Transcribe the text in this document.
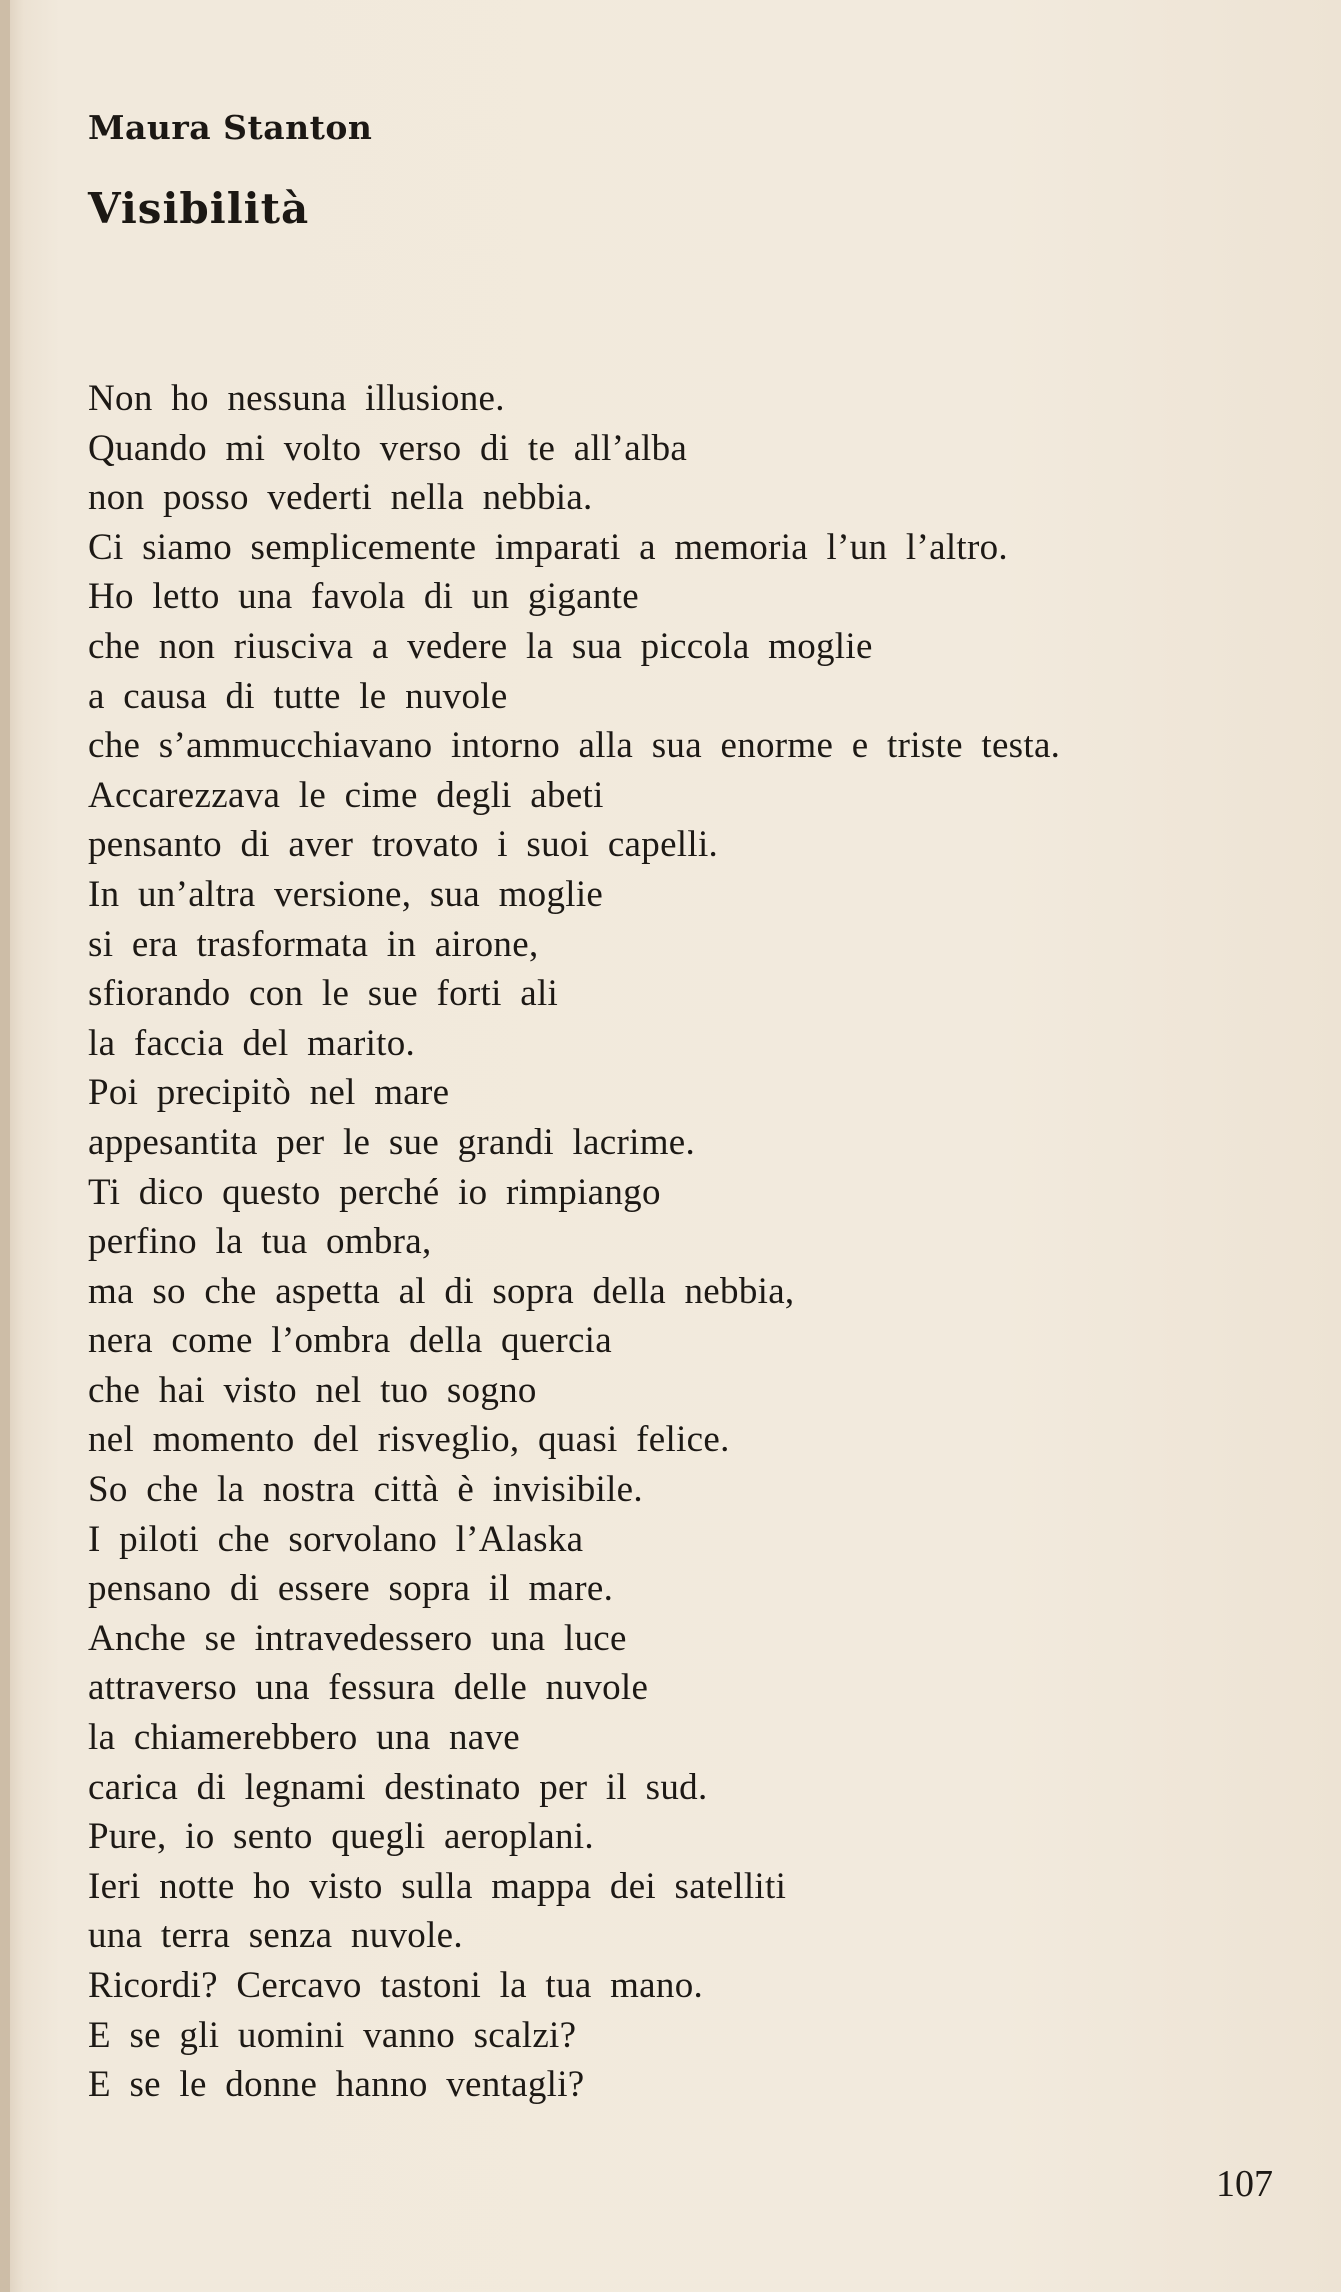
Maura Stanton
Visibilità
Non ho nessuna illusione.
Quando mi volto verso di te all’alba
non posso vederti nella nebbia.
Ci siamo semplicemente imparati a memoria l’un l’altro.
Ho letto una favola di un gigante
che non riusciva a vedere la sua piccola moglie
a causa di tutte le nuvole
che s’ammucchiavano intorno alla sua enorme e triste testa.
Accarezzava le cime degli abeti
pensanto di aver trovato i suoi capelli.
In un’altra versione, sua moglie
si era trasformata in airone,
sfiorando con le sue forti ali
la faccia del marito.
Poi precipitò nel mare
appesantita per le sue grandi lacrime.
Ti dico questo perché io rimpiango
perfino la tua ombra,
ma so che aspetta al di sopra della nebbia,
nera come l’ombra della quercia
che hai visto nel tuo sogno
nel momento del risveglio, quasi felice.
So che la nostra città è invisibile.
I piloti che sorvolano l’Alaska
pensano di essere sopra il mare.
Anche se intravedessero una luce
attraverso una fessura delle nuvole
la chiamerebbero una nave
carica di legnami destinato per il sud.
Pure, io sento quegli aeroplani.
Ieri notte ho visto sulla mappa dei satelliti
una terra senza nuvole.
Ricordi? Cercavo tastoni la tua mano.
E se gli uomini vanno scalzi?
E se le donne hanno ventagli?
107
